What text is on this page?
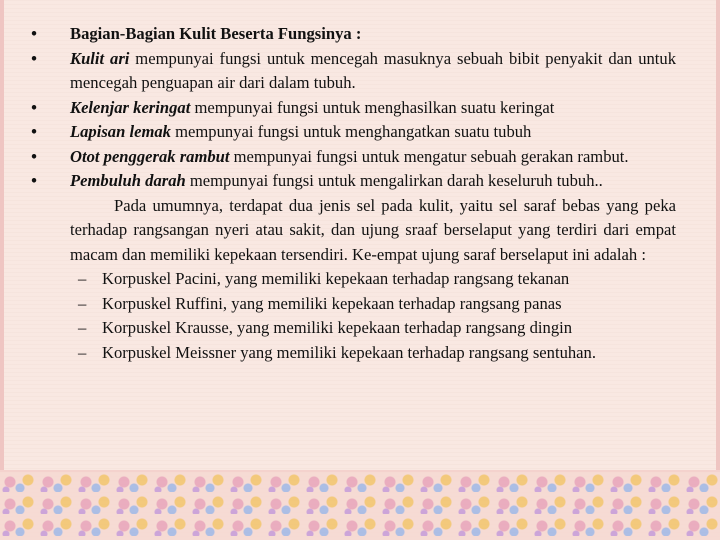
•	Bagian-Bagian Kulit Beserta Fungsinya :
•	Kulit ari mempunyai fungsi untuk mencegah masuknya sebuah bibit penyakit dan untuk mencegah penguapan air dari dalam tubuh.
•	Kelenjar keringat mempunyai fungsi untuk menghasilkan suatu keringat
•	Lapisan lemak mempunyai fungsi untuk menghangatkan suatu tubuh
•	Otot penggerak rambut mempunyai fungsi untuk mengatur sebuah gerakan rambut.
•	Pembuluh darah mempunyai fungsi untuk mengalirkan darah keseluruh tubuh..
Pada umumnya, terdapat dua jenis sel pada kulit, yaitu sel saraf bebas yang peka terhadap rangsangan nyeri atau sakit, dan ujung sraaf berselaput yang terdiri dari empat macam dan memiliki kepekaan tersendiri. Ke-empat ujung saraf berselaput ini adalah :
– Korpuskel Pacini, yang memiliki kepekaan terhadap rangsang tekanan
– Korpuskel Ruffini, yang memiliki kepekaan terhadap rangsang panas
– Korpuskel Krausse, yang memiliki kepekaan terhadap rangsang dingin
– Korpuskel Meissner yang memiliki kepekaan terhadap rangsang sentuhan.
